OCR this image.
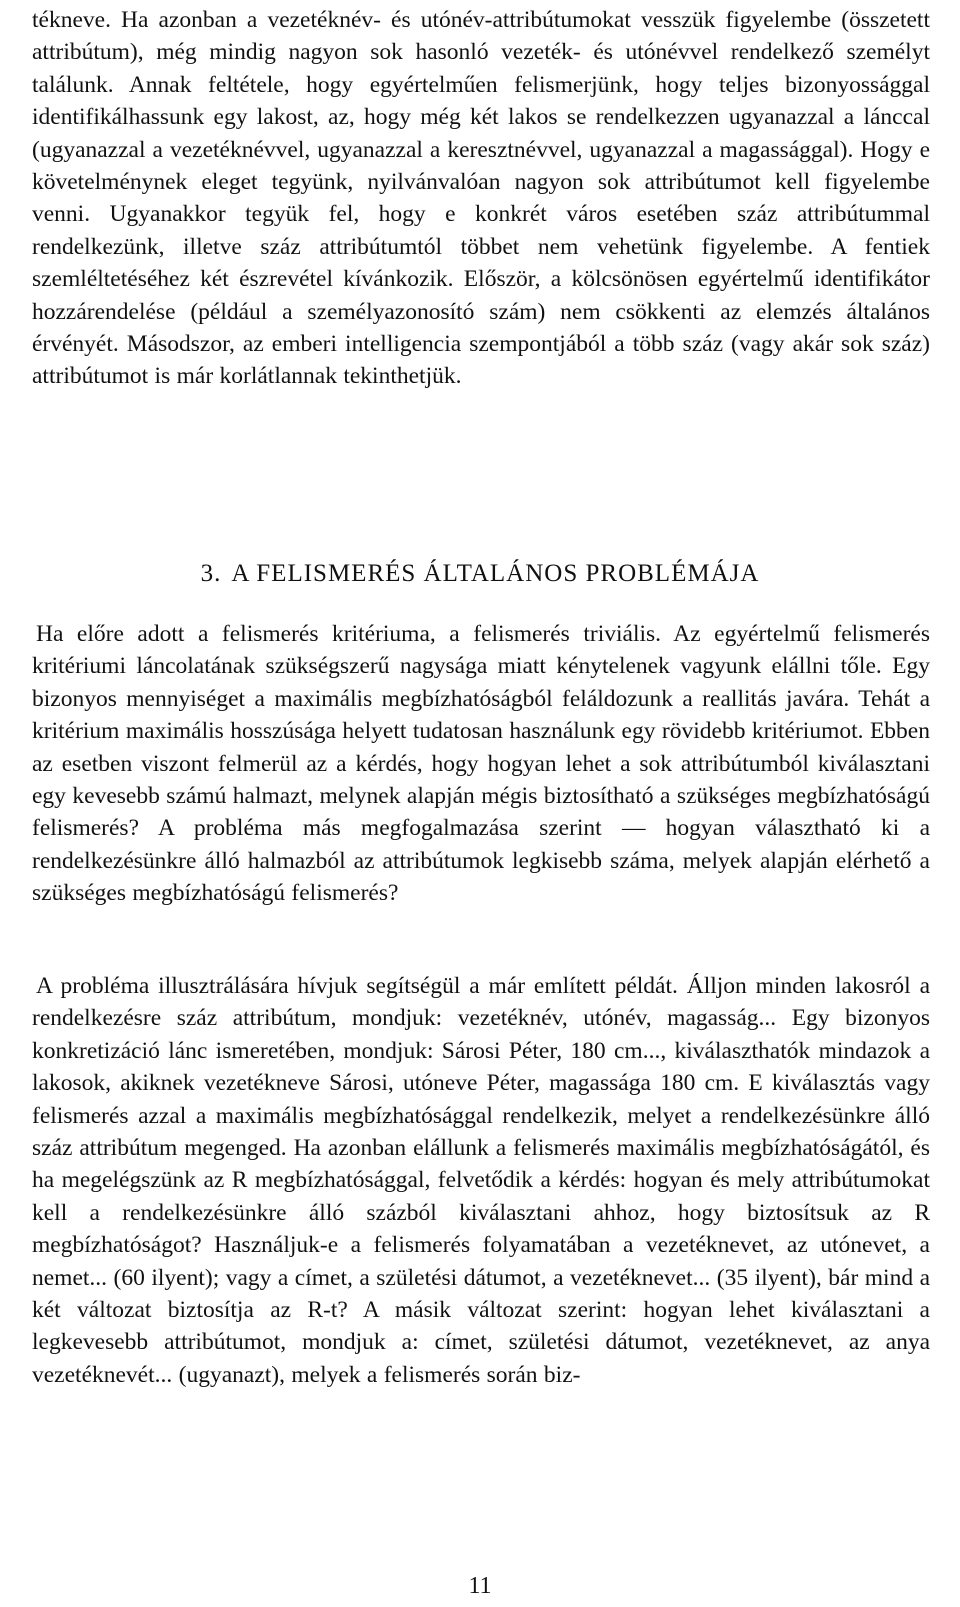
tékneve. Ha azonban a vezetéknév- és utónév-attribútumokat vesszük figyelembe (összetett attribútum), még mindig nagyon sok hasonló vezeték- és utónévvel rendelkező személyt találunk. Annak feltétele, hogy egyértelműen felismerjünk, hogy teljes bizonyossággal identifikálhassunk egy lakost, az, hogy még két lakos se rendelkezzen ugyanazzal a lánccal (ugyanazzal a vezetéknévvel, ugyanazzal a keresztnévvel, ugyanazzal a magassággal). Hogy e követelménynek eleget tegyünk, nyilvánvalóan nagyon sok attribútumot kell figyelembe venni. Ugyanakkor tegyük fel, hogy e konkrét város esetében száz attribútummal rendelkezünk, illetve száz attribútumtól többet nem vehetünk figyelembe. A fentiek szemléltetéséhez két észrevétel kívánkozik. Először, a kölcsönösen egyértelmű identifikátor hozzárendelése (például a személyazonosító szám) nem csökkenti az elemzés általános érvényét. Másodszor, az emberi intelligencia szempontjából a több száz (vagy akár sok száz) attribútumot is már korlátlannak tekinthetjük.

3. A FELISMERÉS ÁLTALÁNOS PROBLÉMÁJA

Ha előre adott a felismerés kritériuma, a felismerés triviális. Az egyértelmű felismerés kritériumi láncolatának szükségszerű nagysága miatt kénytelenek vagyunk elállni tőle. Egy bizonyos mennyiséget a maximális megbízhatóságból feláldozunk a reallitás javára. Tehát a kritérium maximális hosszúsága helyett tudatosan használunk egy rövidebb kritériumot. Ebben az esetben viszont felmerül az a kérdés, hogy hogyan lehet a sok attribútumból kiválasztani egy kevesebb számú halmazt, melynek alapján mégis biztosítható a szükséges megbízhatóságú felismerés? A probléma más megfogalmazása szerint — hogyan választható ki a rendelkezésünkre álló halmazból az attribútumok legkisebb száma, melyek alapján elérhető a szükséges megbízhatóságú felismerés?

A probléma illusztrálására hívjuk segítségül a már említett példát. Álljon minden lakosról a rendelkezésre száz attribútum, mondjuk: vezetéknév, utónév, magasság... Egy bizonyos konkretizáció lánc ismeretében, mondjuk: Sárosi Péter, 180 cm..., kiválaszthatók mindazok a lakosok, akiknek vezetékneve Sárosi, utóneve Péter, magassága 180 cm. E kiválasztás vagy felismerés azzal a maximális megbízhatósággal rendelkezik, melyet a rendelkezésünkre álló száz attribútum megenged. Ha azonban elállunk a felismerés maximális megbízhatóságától, és ha megelégszünk az R megbízhatósággal, felvetődik a kérdés: hogyan és mely attribútumokat kell a rendelkezésünkre álló százból kiválasztani ahhoz, hogy biztosítsuk az R megbízhatóságot? Használjuk-e a felismerés folyamatában a vezetéknevet, az utónevet, a nemet... (60 ilyent); vagy a címet, a születési dátumot, a vezetéknevet... (35 ilyent), bár mind a két változat biztosítja az R-t? A másik változat szerint: hogyan lehet kiválasztani a legkevesebb attribútumot, mondjuk a: címet, születési dátumot, vezetéknevet, az anya vezetéknevét... (ugyanazt), melyek a felismerés során biz-

11
